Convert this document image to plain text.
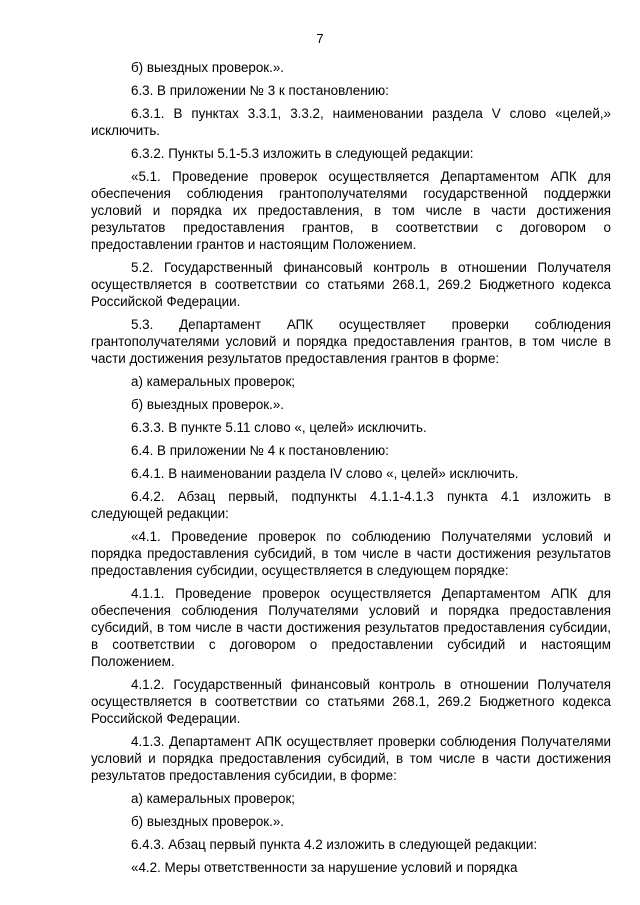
7

б) выездных проверок.».

6.3. В приложении № 3 к постановлению:

6.3.1. В пунктах 3.3.1, 3.3.2, наименовании раздела V слово «целей,» исключить.

6.3.2. Пункты 5.1-5.3 изложить в следующей редакции:

«5.1. Проведение проверок осуществляется Департаментом АПК для обеспечения соблюдения грантополучателями государственной поддержки условий и порядка их предоставления, в том числе в части достижения результатов предоставления грантов, в соответствии с договором о предоставлении грантов и настоящим Положением.

5.2. Государственный финансовый контроль в отношении Получателя осуществляется в соответствии со статьями 268.1, 269.2 Бюджетного кодекса Российской Федерации.

5.3. Департамент АПК осуществляет проверки соблюдения грантополучателями условий и порядка предоставления грантов, в том числе в части достижения результатов предоставления грантов в форме:

а) камеральных проверок;

б) выездных проверок.».

6.3.3. В пункте 5.11 слово «, целей» исключить.

6.4. В приложении № 4 к постановлению:

6.4.1. В наименовании раздела IV слово «, целей» исключить.

6.4.2. Абзац первый, подпункты 4.1.1-4.1.3 пункта 4.1 изложить в следующей редакции:

«4.1. Проведение проверок по соблюдению Получателями условий и порядка предоставления субсидий, в том числе в части достижения результатов предоставления субсидии, осуществляется в следующем порядке:

4.1.1. Проведение проверок осуществляется Департаментом АПК для обеспечения соблюдения Получателями условий и порядка предоставления субсидий, в том числе в части достижения результатов предоставления субсидии, в соответствии с договором о предоставлении субсидий и настоящим Положением.

4.1.2. Государственный финансовый контроль в отношении Получателя осуществляется в соответствии со статьями 268.1, 269.2 Бюджетного кодекса Российской Федерации.

4.1.3. Департамент АПК осуществляет проверки соблюдения Получателями условий и порядка предоставления субсидий, в том числе в части достижения результатов предоставления субсидии, в форме:

а) камеральных проверок;

б) выездных проверок.».

6.4.3. Абзац первый пункта 4.2 изложить в следующей редакции:

«4.2. Меры ответственности за нарушение условий и порядка
